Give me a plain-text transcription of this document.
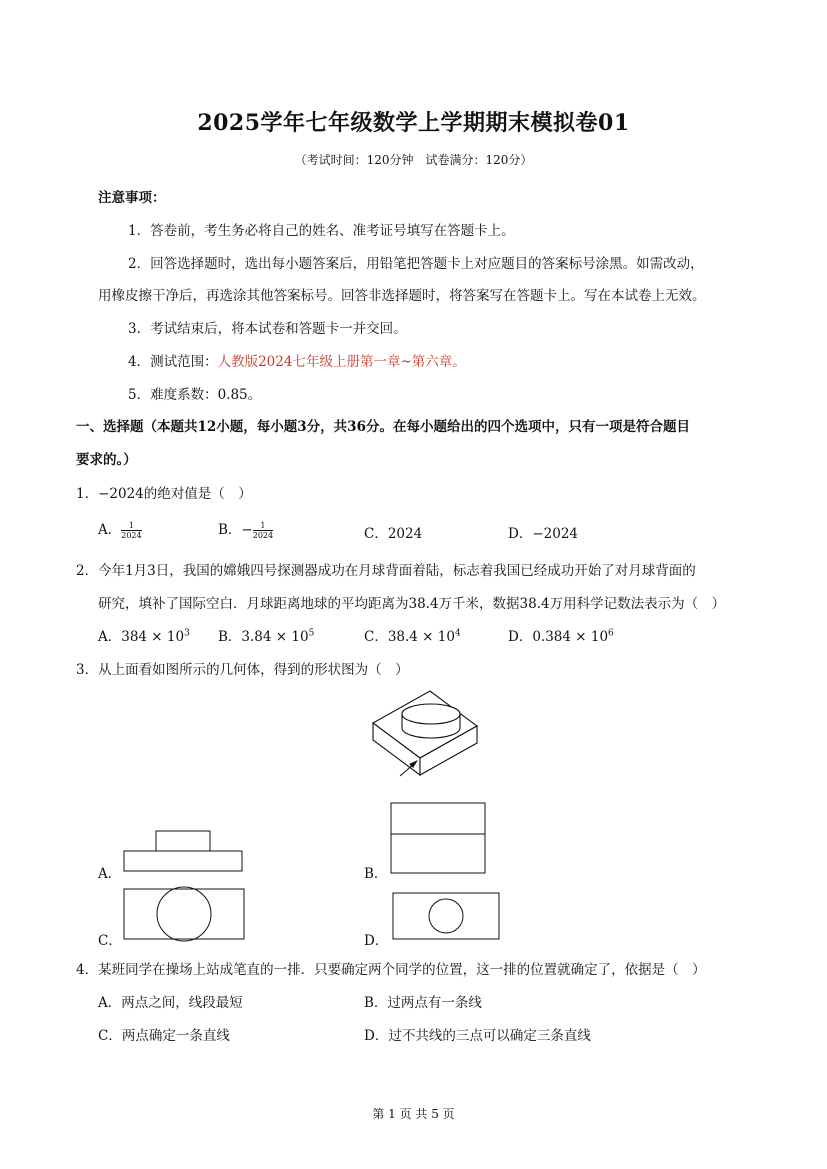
2025学年七年级数学上学期期末模拟卷01
（考试时间：120分钟　试卷满分：120分）
注意事项：
1．答卷前，考生务必将自己的姓名、准考证号填写在答题卡上。
2．回答选择题时，选出每小题答案后，用铅笔把答题卡上对应题目的答案标号涂黑。如需改动，
用橡皮擦干净后，再选涂其他答案标号。回答非选择题时，将答案写在答题卡上。写在本试卷上无效。
3．考试结束后，将本试卷和答题卡一并交回。
4．测试范围：人教版2024七年级上册第一章~第六章。
5．难度系数：0.85。
一、选择题（本题共12小题，每小题3分，共36分。在每小题给出的四个选项中，只有一项是符合题目
要求的。）
1．−2024的绝对值是（　）
A． $\frac{1}{2024}$	B．− $\frac{1}{2024}$	C．2024	D．−2024
2．今年1月3日，我国的嫦娥四号探测器成功在月球背面着陆，标志着我国已经成功开始了对月球背面的
研究，填补了国际空白．月球距离地球的平均距离为38.4万千米，数据38.4万用科学记数法表示为（　）
A．$384 \times 10^3$ B．$3.84 \times 10^5$	C．$38.4 \times 10^4$	D．$0.384 \times 10^6$
3．从上面看如图所示的几何体，得到的形状图为（　）
A．	B．
C．	D．
4．某班同学在操场上站成笔直的一排．只要确定两个同学的位置，这一排的位置就确定了，依据是（　）
A．两点之间，线段最短	B．过两点有一条线
C．两点确定一条直线	D．过不共线的三点可以确定三条直线
第 1 页 共 5 页
